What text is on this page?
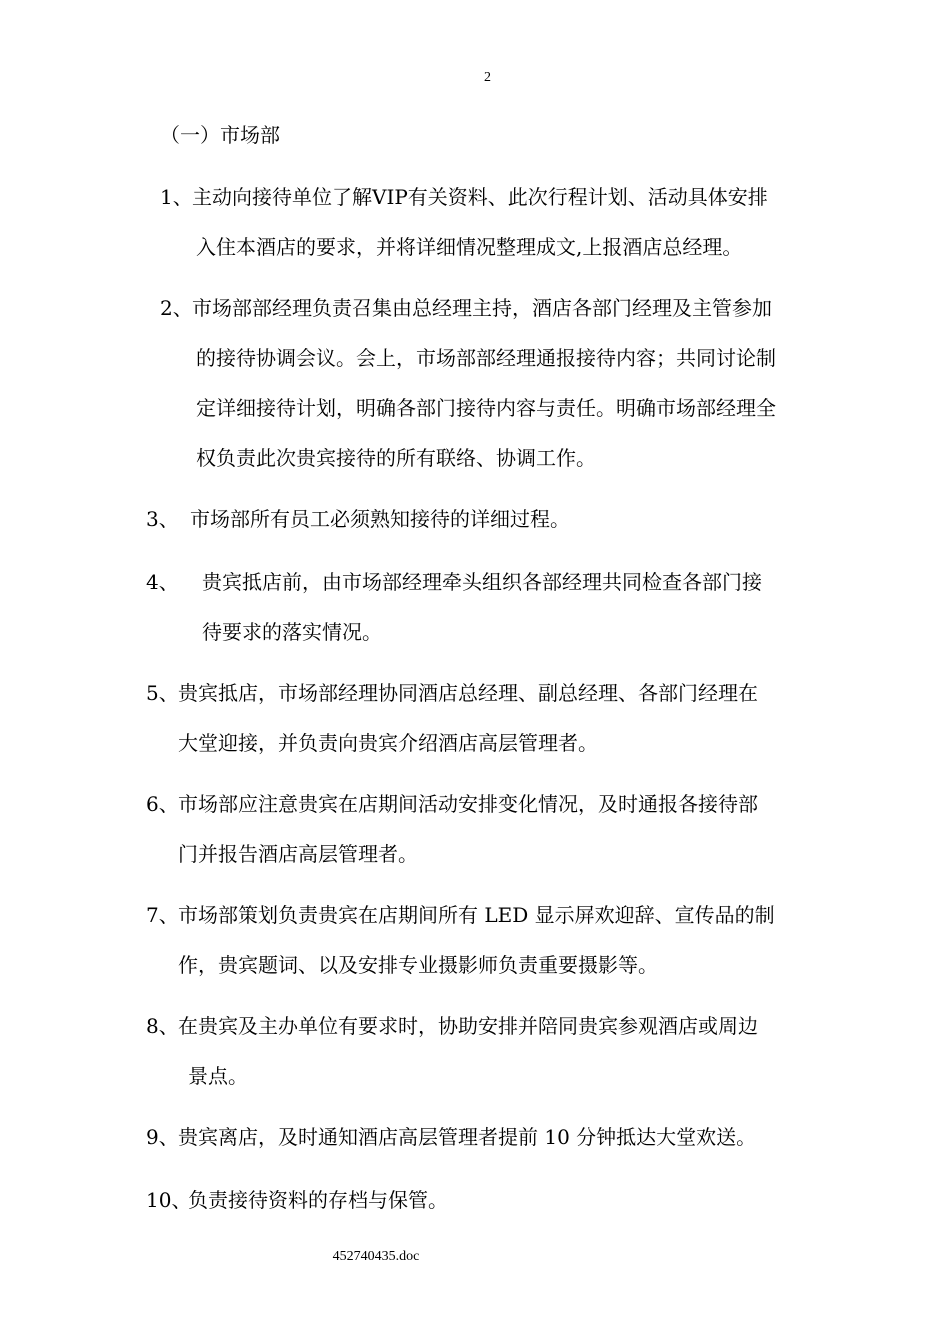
2
（一）市场部
1、 主动向接待单位了解VIP有关资料、此次行程计划、活动具体安排
入住本酒店的要求，并将详细情况整理成文,上报酒店总经理。
2、 市场部部经理负责召集由总经理主持，酒店各部门经理及主管参加
的接待协调会议。会上，市场部部经理通报接待内容；共同讨论制
定详细接待计划，明确各部门接待内容与责任。明确市场部经理全
权负责此次贵宾接待的所有联络、协调工作。
3、 市场部所有员工必须熟知接待的详细过程。
4、 贵宾抵店前，由市场部经理牵头组织各部经理共同检查各部门接
待要求的落实情况。
5、 贵宾抵店，市场部经理协同酒店总经理、副总经理、各部门经理在
大堂迎接，并负责向贵宾介绍酒店高层管理者。
6、 市场部应注意贵宾在店期间活动安排变化情况，及时通报各接待部
门并报告酒店高层管理者。
7、 市场部策划负责贵宾在店期间所有 LED 显示屏欢迎辞、宣传品的制
作，贵宾题词、以及安排专业摄影师负责重要摄影等。
8、 在贵宾及主办单位有要求时，协助安排并陪同贵宾参观酒店或周边
景点。
9、 贵宾离店，及时通知酒店高层管理者提前 10 分钟抵达大堂欢送。
10、
负责接待资料的存档与保管。
452740435.doc
